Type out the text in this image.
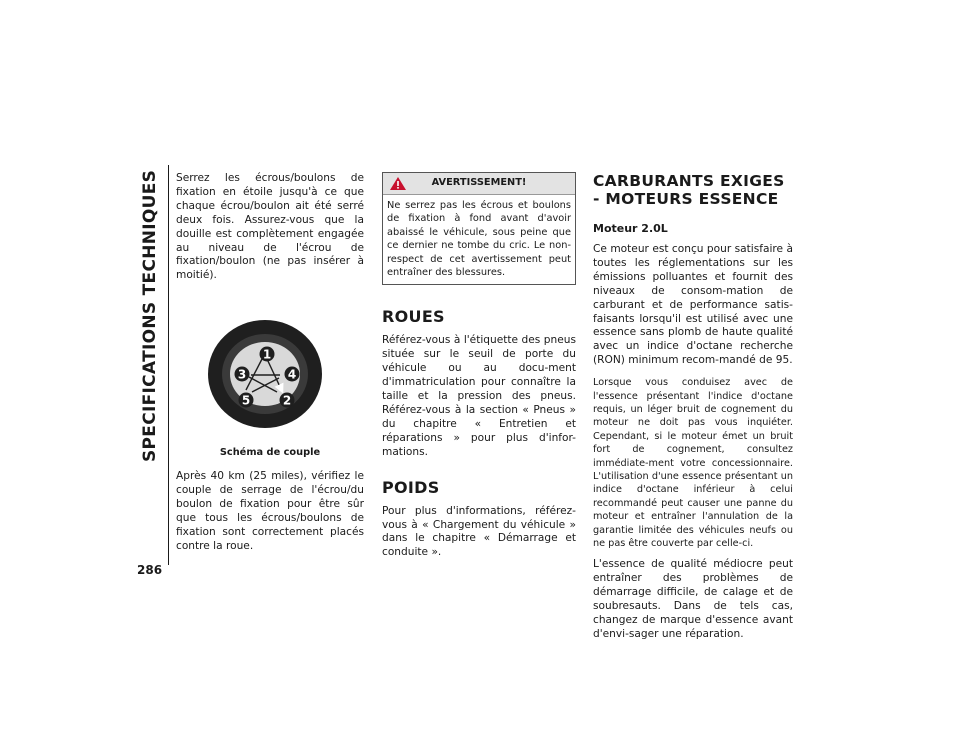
SPECIFICATIONS TECHNIQUES
286

Serrez les écrous/boulons de fixation en étoile jusqu'à ce que chaque écrou/boulon ait été serré deux fois. Assurez-vous que la douille est complètement engagée au niveau de l'écrou de fixation/boulon (ne pas insérer à moitié).

1
2
3	4
5
Schéma de couple

Après 40 km (25 miles), vérifiez le couple de serrage de l'écrou/du boulon de fixation pour être sûr que tous les écrous/boulons de fixation sont correctement placés contre la roue.

AVERTISSEMENT!
Ne serrez pas les écrous et boulons de fixation à fond avant d'avoir abaissé le véhicule, sous peine que ce dernier ne tombe du cric. Le non-respect de cet avertissement peut entraîner des blessures.
ROUES

Référez-vous à l'étiquette des pneus située sur le seuil de porte du véhicule ou au docu-ment d'immatriculation pour connaître la taille et la pression des pneus. Référez-vous à la section « Pneus » du chapitre « Entretien et réparations » pour plus d'infor-mations.

POIDS

Pour plus d'informations, référez-vous à « Chargement du véhicule » dans le chapitre « Démarrage et conduite ».

CARBURANTS EXIGES - MOTEURS ESSENCE
Moteur 2.0L

Ce moteur est conçu pour satisfaire à toutes les réglementations sur les émissions polluantes et fournit des niveaux de consom-mation de carburant et de performance satis-faisants lorsqu'il est utilisé avec une essence sans plomb de haute qualité avec un indice d'octane recherche (RON) minimum recom-mandé de 95.

Lorsque vous conduisez avec de l'essence présentant l'indice d'octane requis, un léger bruit de cognement du moteur ne doit pas vous inquiéter. Cependant, si le moteur émet un bruit fort de cognement, consultez immédiate-ment votre concessionnaire. L'utilisation d'une essence présentant un indice d'octane inférieur à celui recommandé peut causer une panne du moteur et entraîner l'annulation de la garantie limitée des véhicules neufs ou ne pas être couverte par celle-ci.

L'essence de qualité médiocre peut entraîner des problèmes de démarrage difficile, de calage et de soubresauts. Dans de tels cas, changez de marque d'essence avant d'envi-sager une réparation.
